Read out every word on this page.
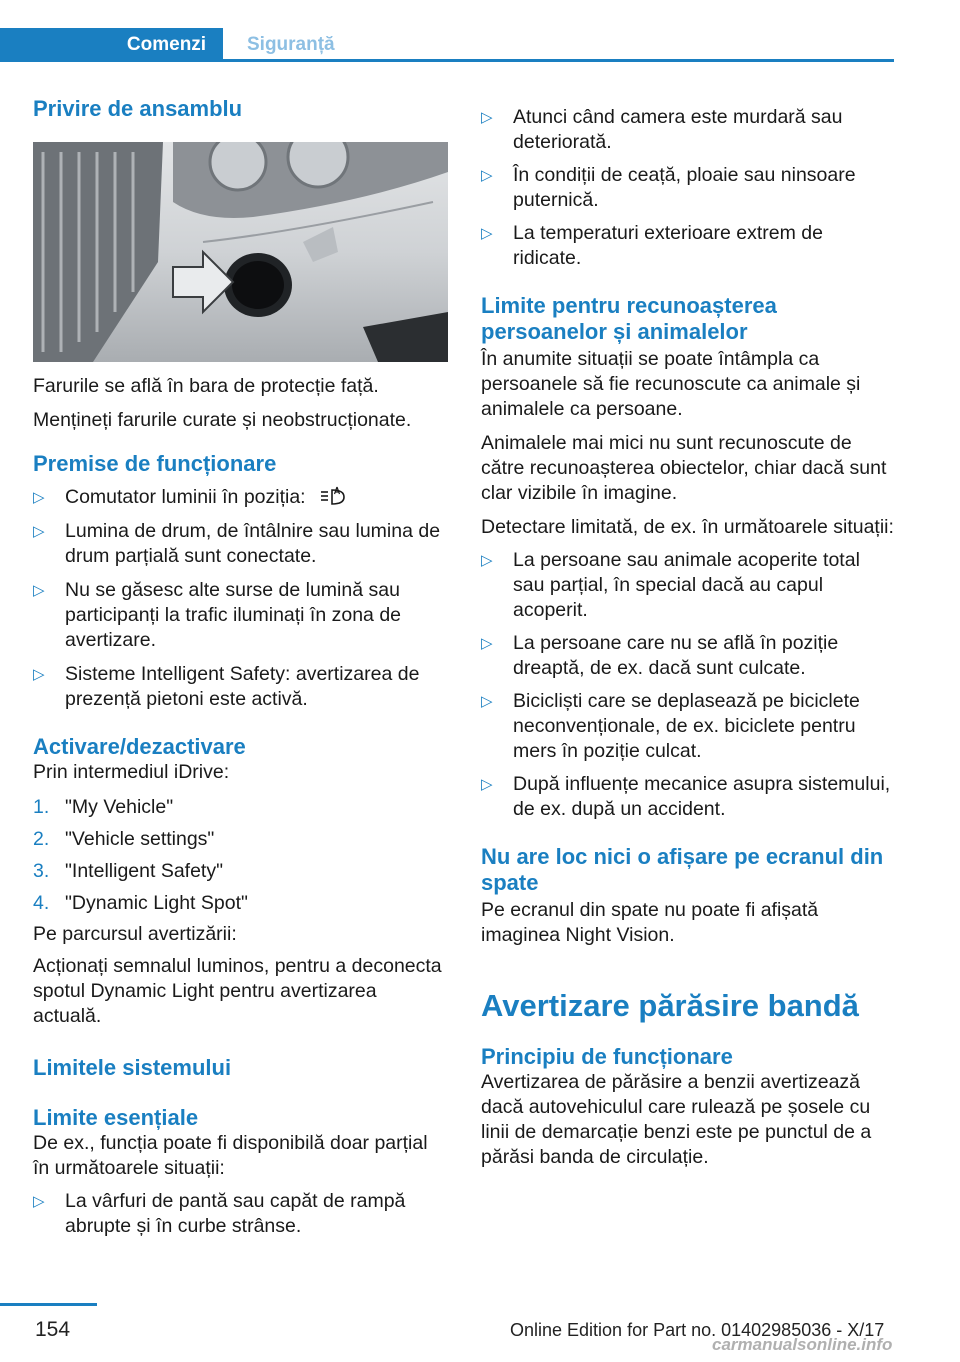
Comenzi Siguranță
Privire de ansamblu

Farurile se află în bara de protecție față.

Mențineți farurile curate și neobstrucționate.

Premise de funcționare
▷ Comutator luminii în poziția:
▷ Lumina de drum, de întâlnire sau lumina de drum parțială sunt conectate.
▷ Nu se găsesc alte surse de lumină sau participanți la trafic iluminați în zona de avertizare.
▷ Sisteme Intelligent Safety: avertizarea de prezență pietoni este activă.
Activare/dezactivare

Prin intermediul iDrive:

1. "My Vehicle"
2. "Vehicle settings"
3. "Intelligent Safety"
4. "Dynamic Light Spot"

Pe parcursul avertizării:

Acționați semnalul luminos, pentru a deconecta spotul Dynamic Light pentru avertizarea actuală.

Limitele sistemului
Limite esențiale

De ex., funcția poate fi disponibilă doar parțial în următoarele situații:

▷ La vârfuri de pantă sau capăt de rampă abrupte și în curbe strânse.
▷ Atunci când camera este murdară sau deteriorată.
▷ În condiții de ceață, ploaie sau ninsoare puternică.
▷ La temperaturi exterioare extrem de ridicate.
Limite pentru recunoașterea persoanelor și animalelor

În anumite situații se poate întâmpla ca persoanele să fie recunoscute ca animale și animalele ca persoane.

Animalele mai mici nu sunt recunoscute de către recunoașterea obiectelor, chiar dacă sunt clar vizibile în imagine.

Detectare limitată, de ex. în următoarele situații:

▷ La persoane sau animale acoperite total sau parțial, în special dacă au capul acoperit.
▷ La persoane care nu se află în poziție dreaptă, de ex. dacă sunt culcate.
▷ Bicicliști care se deplasează pe biciclete neconvenționale, de ex. biciclete pentru mers în poziție culcat.
▷ După influențe mecanice asupra sistemului, de ex. după un accident.
Nu are loc nici o afișare pe ecranul din spate

Pe ecranul din spate nu poate fi afișată imaginea Night Vision.

Avertizare părăsire bandă
Principiu de funcționare

Avertizarea de părăsire a benzii avertizează dacă autovehiculul care rulează pe șosele cu linii de demarcație benzi este pe punctul de a părăsi banda de circulație.

154	Online Edition for Part no. 01402985036 - X/17
carmanualsonline.info
